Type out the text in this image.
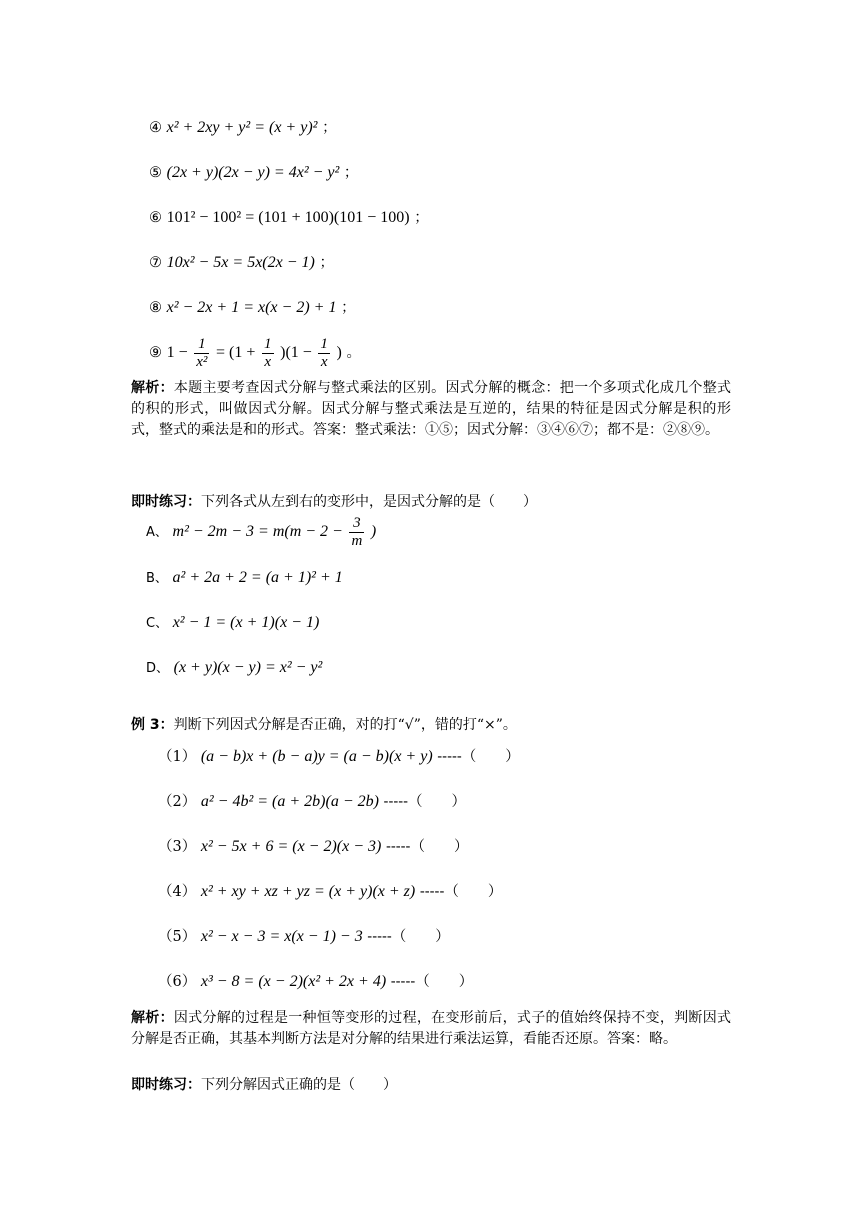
④ x² + 2xy + y² = (x + y)² ；
⑤ (2x + y)(2x − y) = 4x² − y² ；
⑥ 101² − 100² = (101 + 100)(101 − 100) ；
⑦ 10x² − 5x = 5x(2x − 1) ；
⑧ x² − 2x + 1 = x(x − 2) + 1 ；
⑨ $1 - \frac{1}{\text{x²}} = (1 + \frac{1}{x} )(1 - \frac{1}{x}$ ) 。
解析：本题主要考查因式分解与整式乘法的区别。因式分解的概念：把一个多项式化成几个整式的积的形式，叫做因式分解。因式分解与整式乘法是互逆的，结果的特征是因式分解是积的形式，整式的乘法是和的形式。答案：整式乘法：①⑤；因式分解：③④⑥⑦；都不是：②⑧⑨。
即时练习：下列各式从左到右的变形中，是因式分解的是（　　）
A、 $m^2 - 2m - 3 = m(m - 2 - \frac{3}{m}$ )
B、 a² + 2a + 2 = (a + 1)² + 1
C、 x² − 1 = (x + 1)(x − 1)
D、 (x + y)(x − y) = x² − y²
例 3：判断下列因式分解是否正确，对的打“√”，错的打“×”。
（1） (a − b)x + (b − a)y = (a − b)(x + y) -----（　　）
（2） a² − 4b² = (a + 2b)(a − 2b) -----（　　）
（3） x² − 5x + 6 = (x − 2)(x − 3) -----（　　）
（4） x² + xy + xz + yz = (x + y)(x + z) -----（　　）
（5） x² − x − 3 = x(x − 1) − 3 -----（　　）
（6） x³ − 8 = (x − 2)(x² + 2x + 4) -----（　　）
解析：因式分解的过程是一种恒等变形的过程，在变形前后，式子的值始终保持不变，判断因式分解是否正确，其基本判断方法是对分解的结果进行乘法运算，看能否还原。答案：略。
即时练习：下列分解因式正确的是（　　）
